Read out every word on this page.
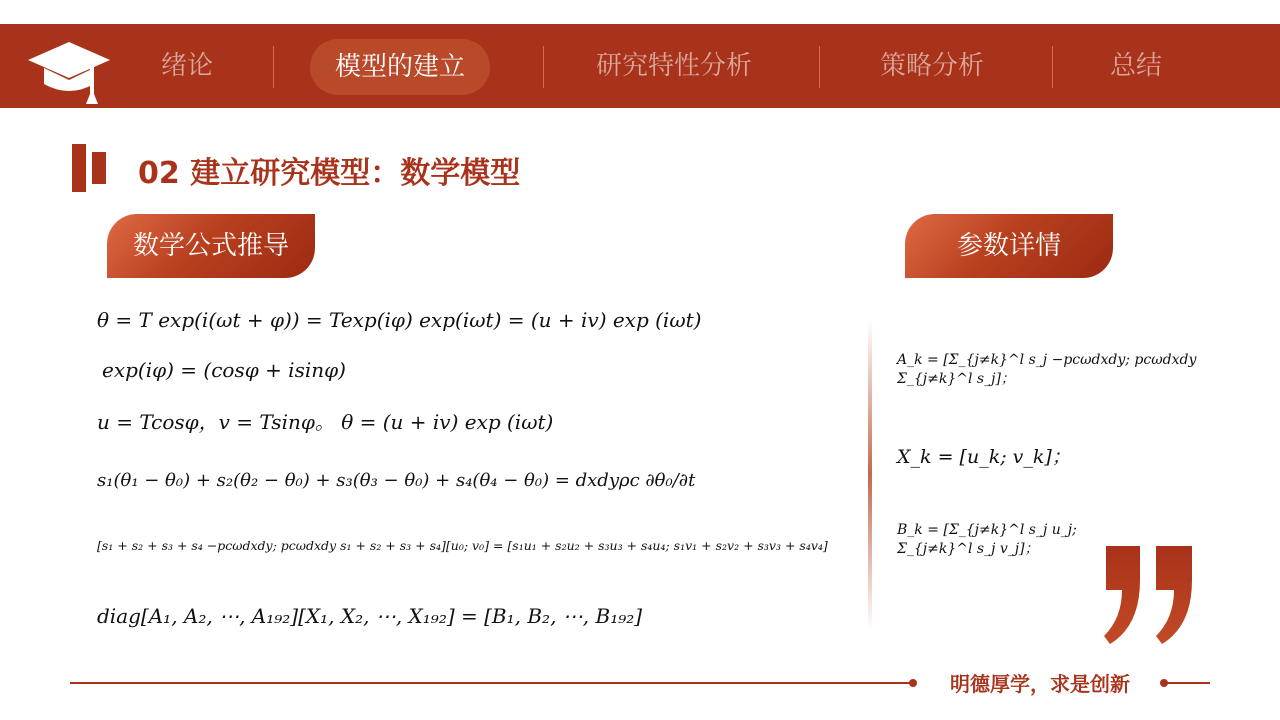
绪论	模型的建立	研究特性分析	策略分析	总结
02 建立研究模型：数学模型
数学公式推导	参数详情
θ = T exp(i(ωt + φ)) = Texp(iφ) exp(iωt) = (u + iv) exp (iωt)
exp(iφ) = (cosφ + isinφ)
u = Tcosφ，v = Tsinφ。 θ = (u + iv) exp (iωt)
s₁(θ₁ − θ₀) + s₂(θ₂ − θ₀) + s₃(θ₃ − θ₀) + s₄(θ₄ − θ₀) = dxdyρc ∂θ₀/∂t
[s₁ + s₂ + s₃ + s₄ −pcωdxdy; pcωdxdy s₁ + s₂ + s₃ + s₄][u₀; v₀] = [s₁u₁ + s₂u₂ + s₃u₃ + s₄u₄; s₁v₁ + s₂v₂ + s₃v₃ + s₄v₄]
diag[A₁, A₂, ⋯, A₁₉₂][X₁, X₂, ⋯, X₁₉₂] = [B₁, B₂, ⋯, B₁₉₂]
A_k = [Σ_{j≠k}^l s_j −pcωdxdy; pcωdxdy Σ_{j≠k}^l s_j]；
X_k = [u_k; v_k]；
B_k = [Σ_{j≠k}^l s_j u_j; Σ_{j≠k}^l s_j v_j]；
明德厚学，求是创新
